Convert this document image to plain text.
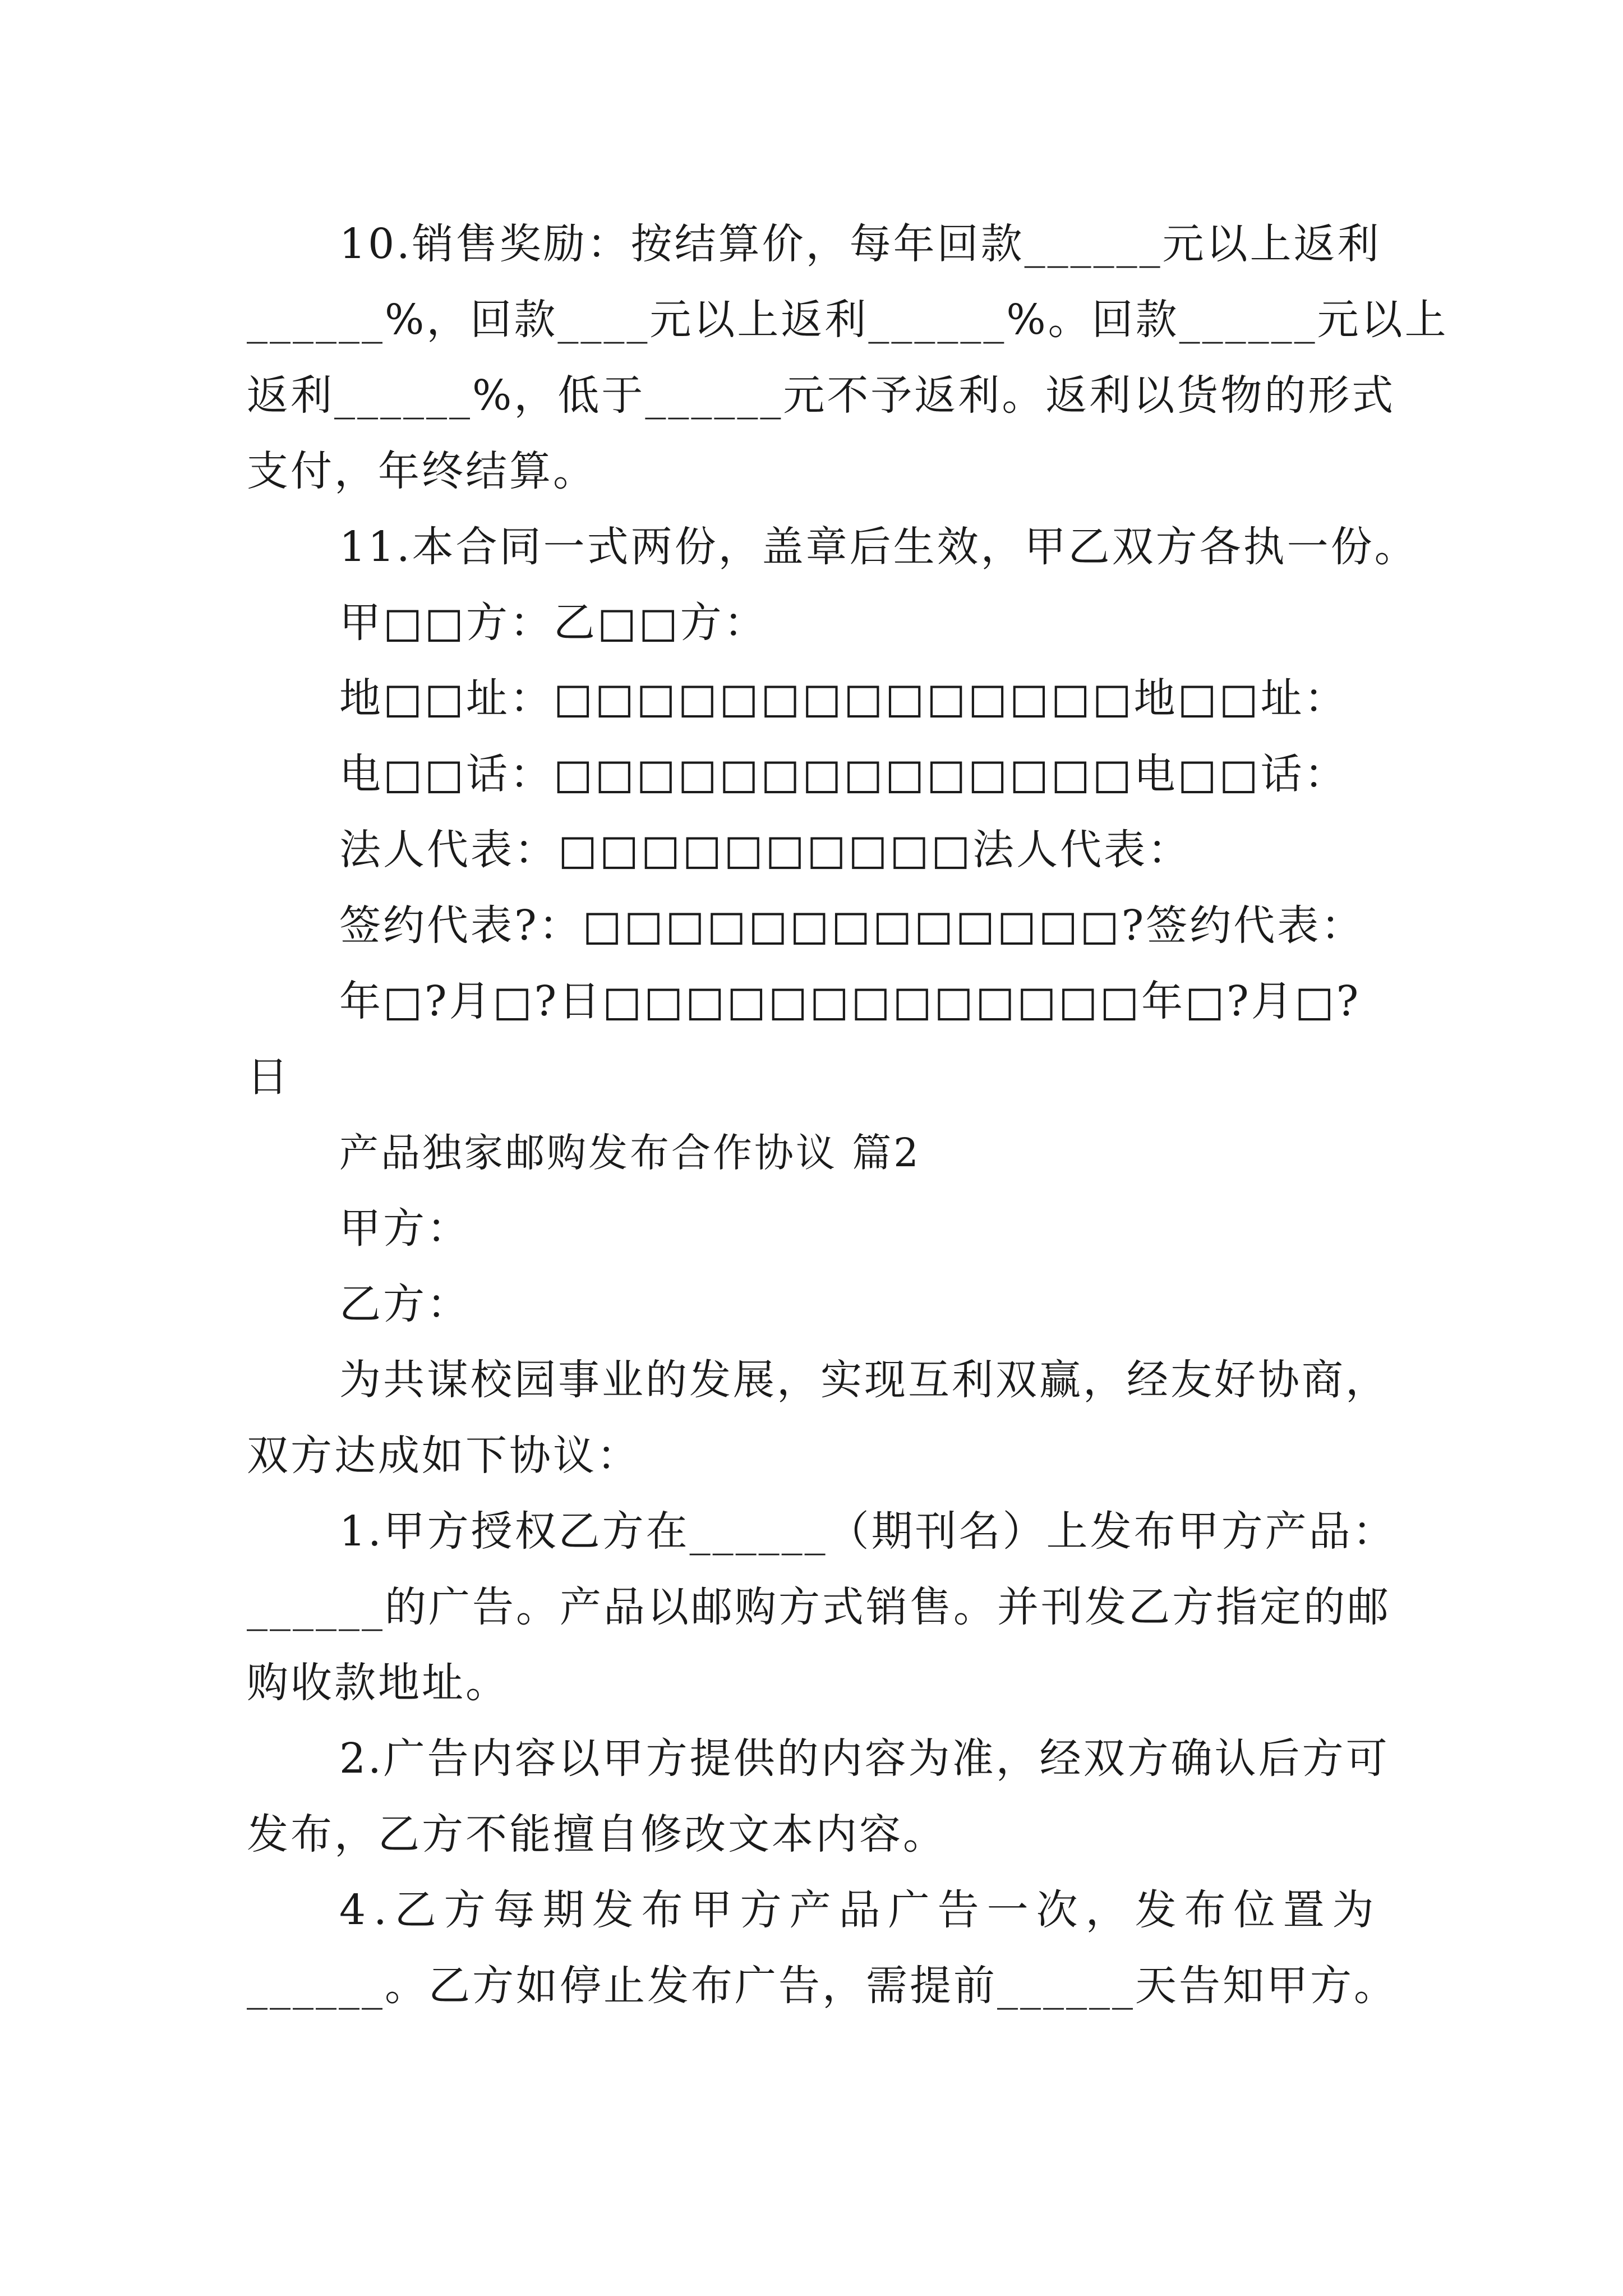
10.销售奖励：按结算价，每年回款______元以上返利
______%，回款____元以上返利______%。回款______元以上
返利______%，低于______元不予返利。返利以货物的形式
支付，年终结算。
11.本合同一式两份，盖章后生效，甲乙双方各执一份。
甲□□方：乙□□方：
地□□址：□□□□□□□□□□□□□□地□□址：
电□□话：□□□□□□□□□□□□□□电□□话：
法人代表：□□□□□□□□□□法人代表：
签约代表?：□□□□□□□□□□□□□?签约代表：
年□?月□?日□□□□□□□□□□□□□年□?月□?
日
产品独家邮购发布合作协议 篇2
甲方：
乙方：
为共谋校园事业的发展，实现互利双赢，经友好协商，
双方达成如下协议：
1.甲方授权乙方在______（期刊名）上发布甲方产品：
______的广告。产品以邮购方式销售。并刊发乙方指定的邮
购收款地址。
2.广告内容以甲方提供的内容为准，经双方确认后方可
发布，乙方不能擅自修改文本内容。
4.乙方每期发布甲方产品广告一次，发布位置为
______。乙方如停止发布广告，需提前______天告知甲方。
